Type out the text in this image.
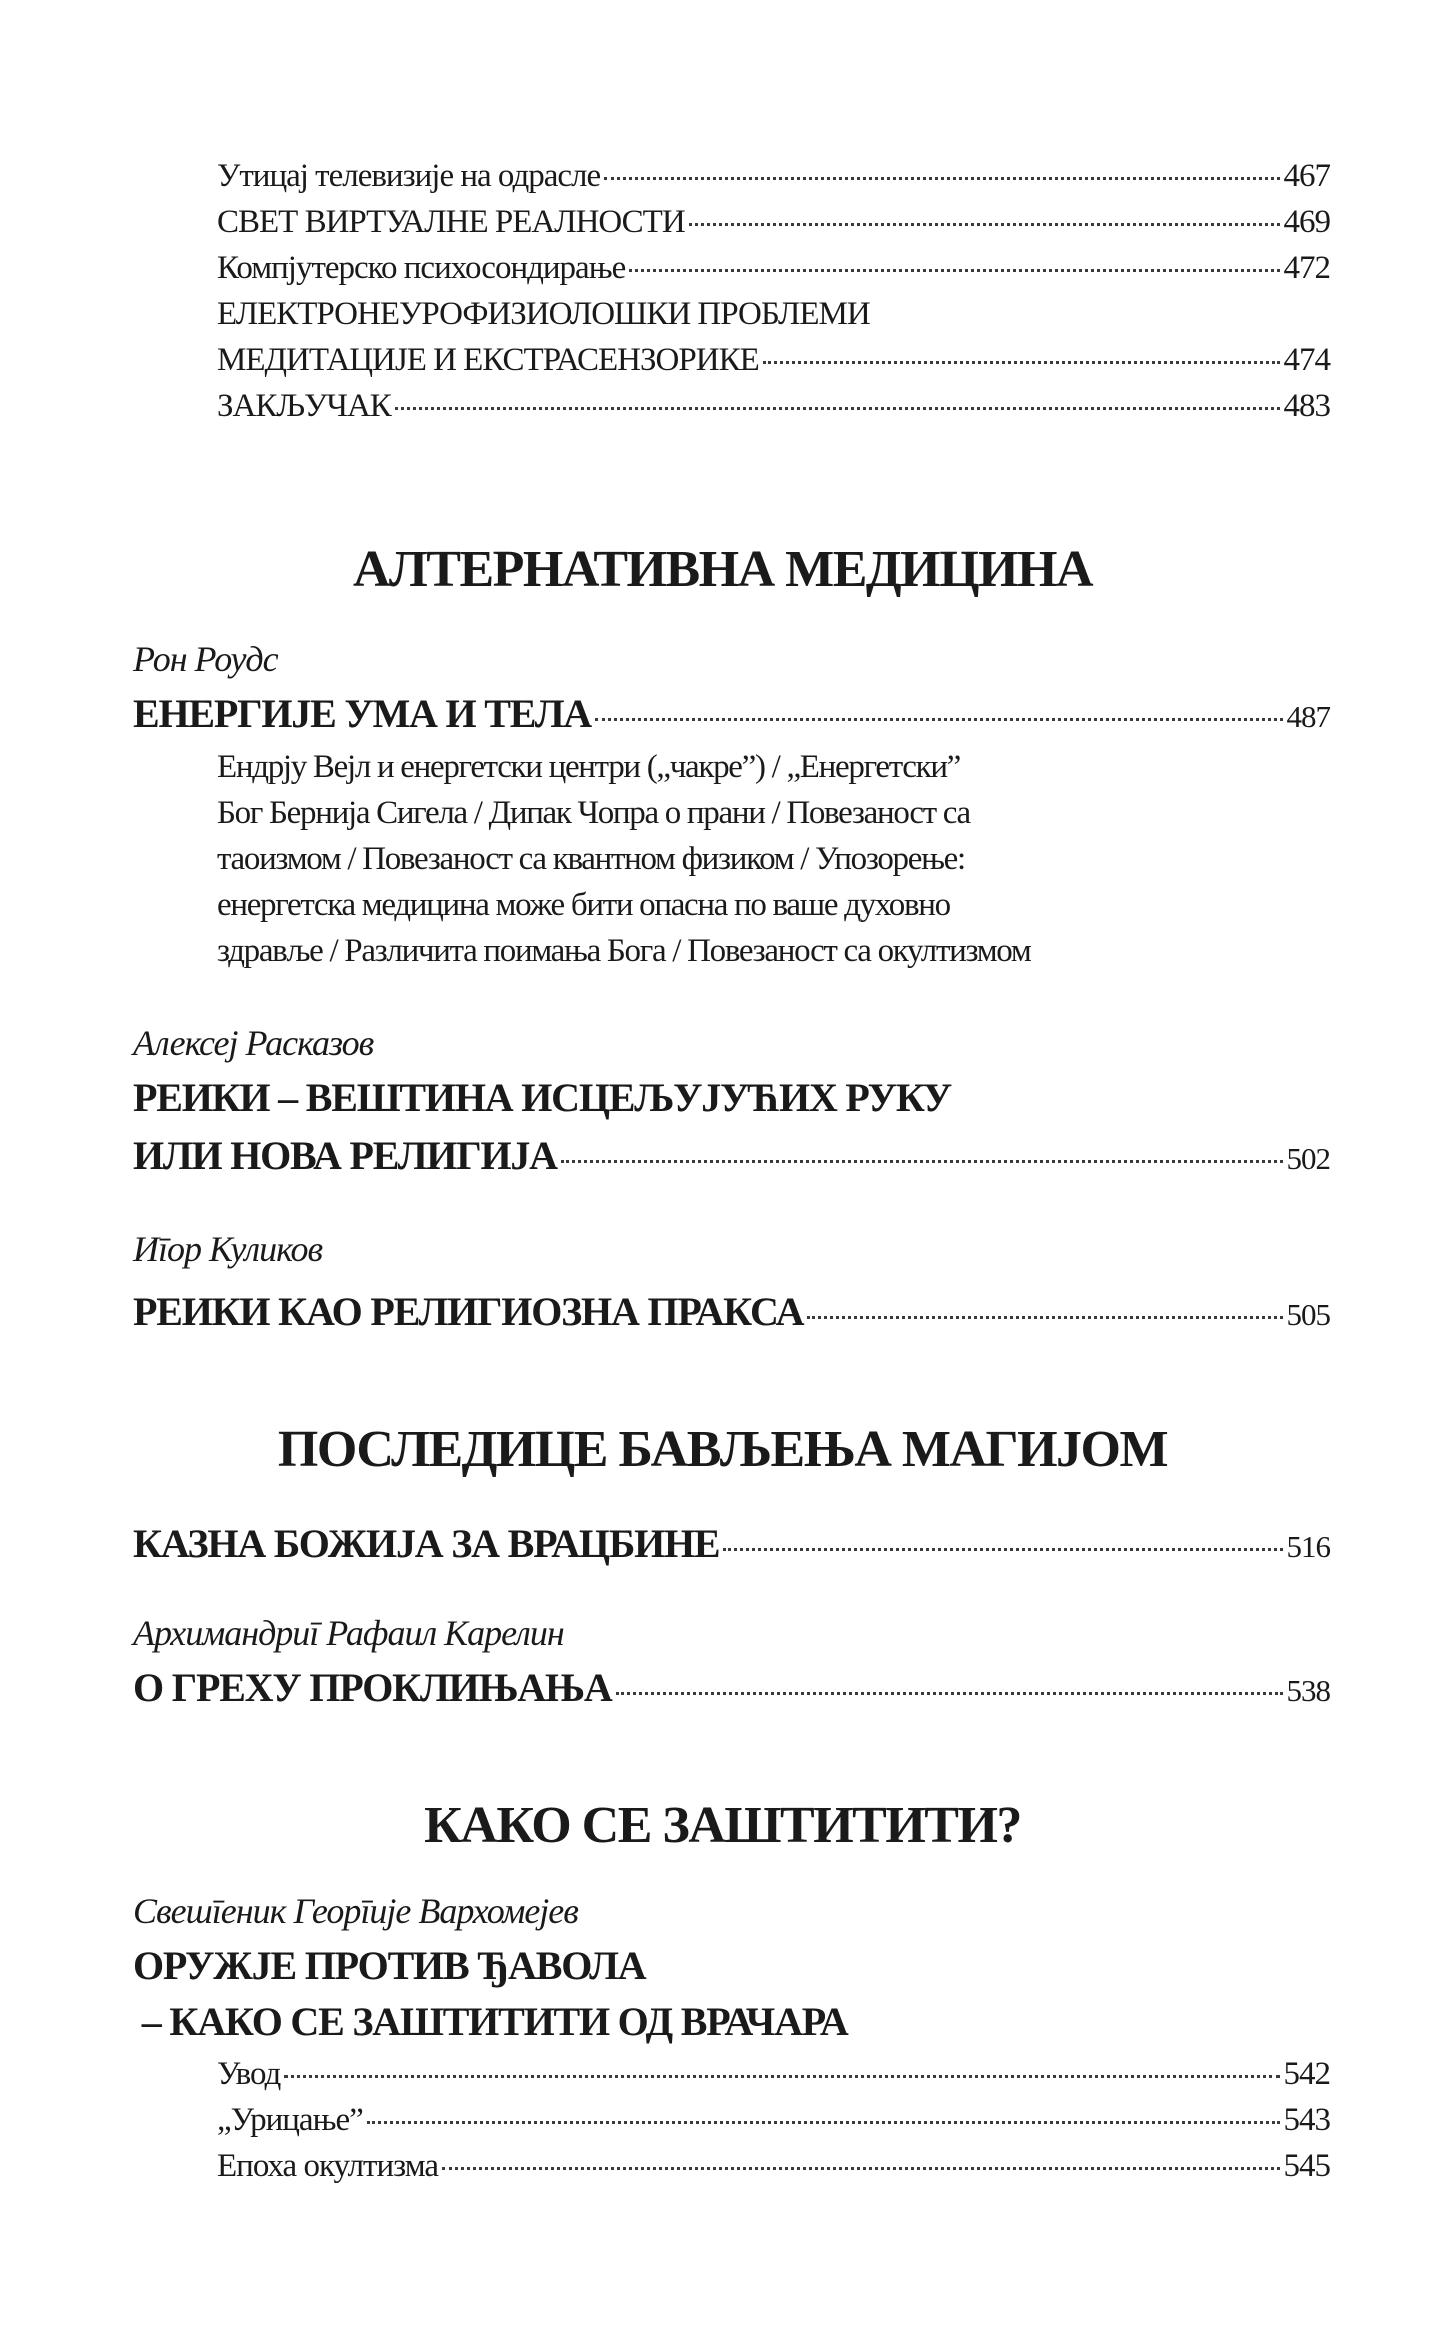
Утицај телевизије на одрасле	467
СВЕТ ВИРТУАЛНЕ РЕАЛНОСТИ	469
Компјутерско психосондирање	472
ЕЛЕКТРОНЕУРОФИЗИОЛОШКИ ПРОБЛЕМИ
МЕДИТАЦИЈЕ И ЕКСТРАСЕНЗОРИКЕ	474
ЗАКЉУЧАК	483
АЛТЕРНАТИВНА МЕДИЦИНА
Рон Роудс
ЕНЕРГИЈЕ УМА И ТЕЛА	487
Ендрју Вејл и енергетски центри („чакре”) / „Енергетски”
Бог Бернија Сигела / Дипак Чопра о прани / Повезаност са
таоизмом / Повезаност са квантном физиком / Упозорење:
енергетска медицина може бити опасна по ваше духовно
здравље / Различита поимања Бога / Повезаност са окултизмом
Алексеј Расказов
РЕИКИ – ВЕШТИНА ИСЦЕЉУЈУЋИХ РУКУ
ИЛИ НОВА РЕЛИГИЈА	502
Иīор Куликов
РЕИКИ КАО РЕЛИГИОЗНА ПРАКСА	505
ПОСЛЕДИЦЕ БАВЉЕЊА МАГИЈОМ
КАЗНА БОЖИЈА ЗА ВРАЦБИНЕ	516
Архимандриī Рафаил Карелин
О ГРЕХУ ПРОКЛИЊАЊА	538
КАКО СЕ ЗАШТИТИТИ?
Свешīеник Георīије Вархомејев
ОРУЖЈЕ ПРОТИВ ЂАВОЛА
– КАКО СЕ ЗАШТИТИТИ ОД ВРАЧАРА
Увод	542
„Урицање”	543
Епоха окултизма	545
